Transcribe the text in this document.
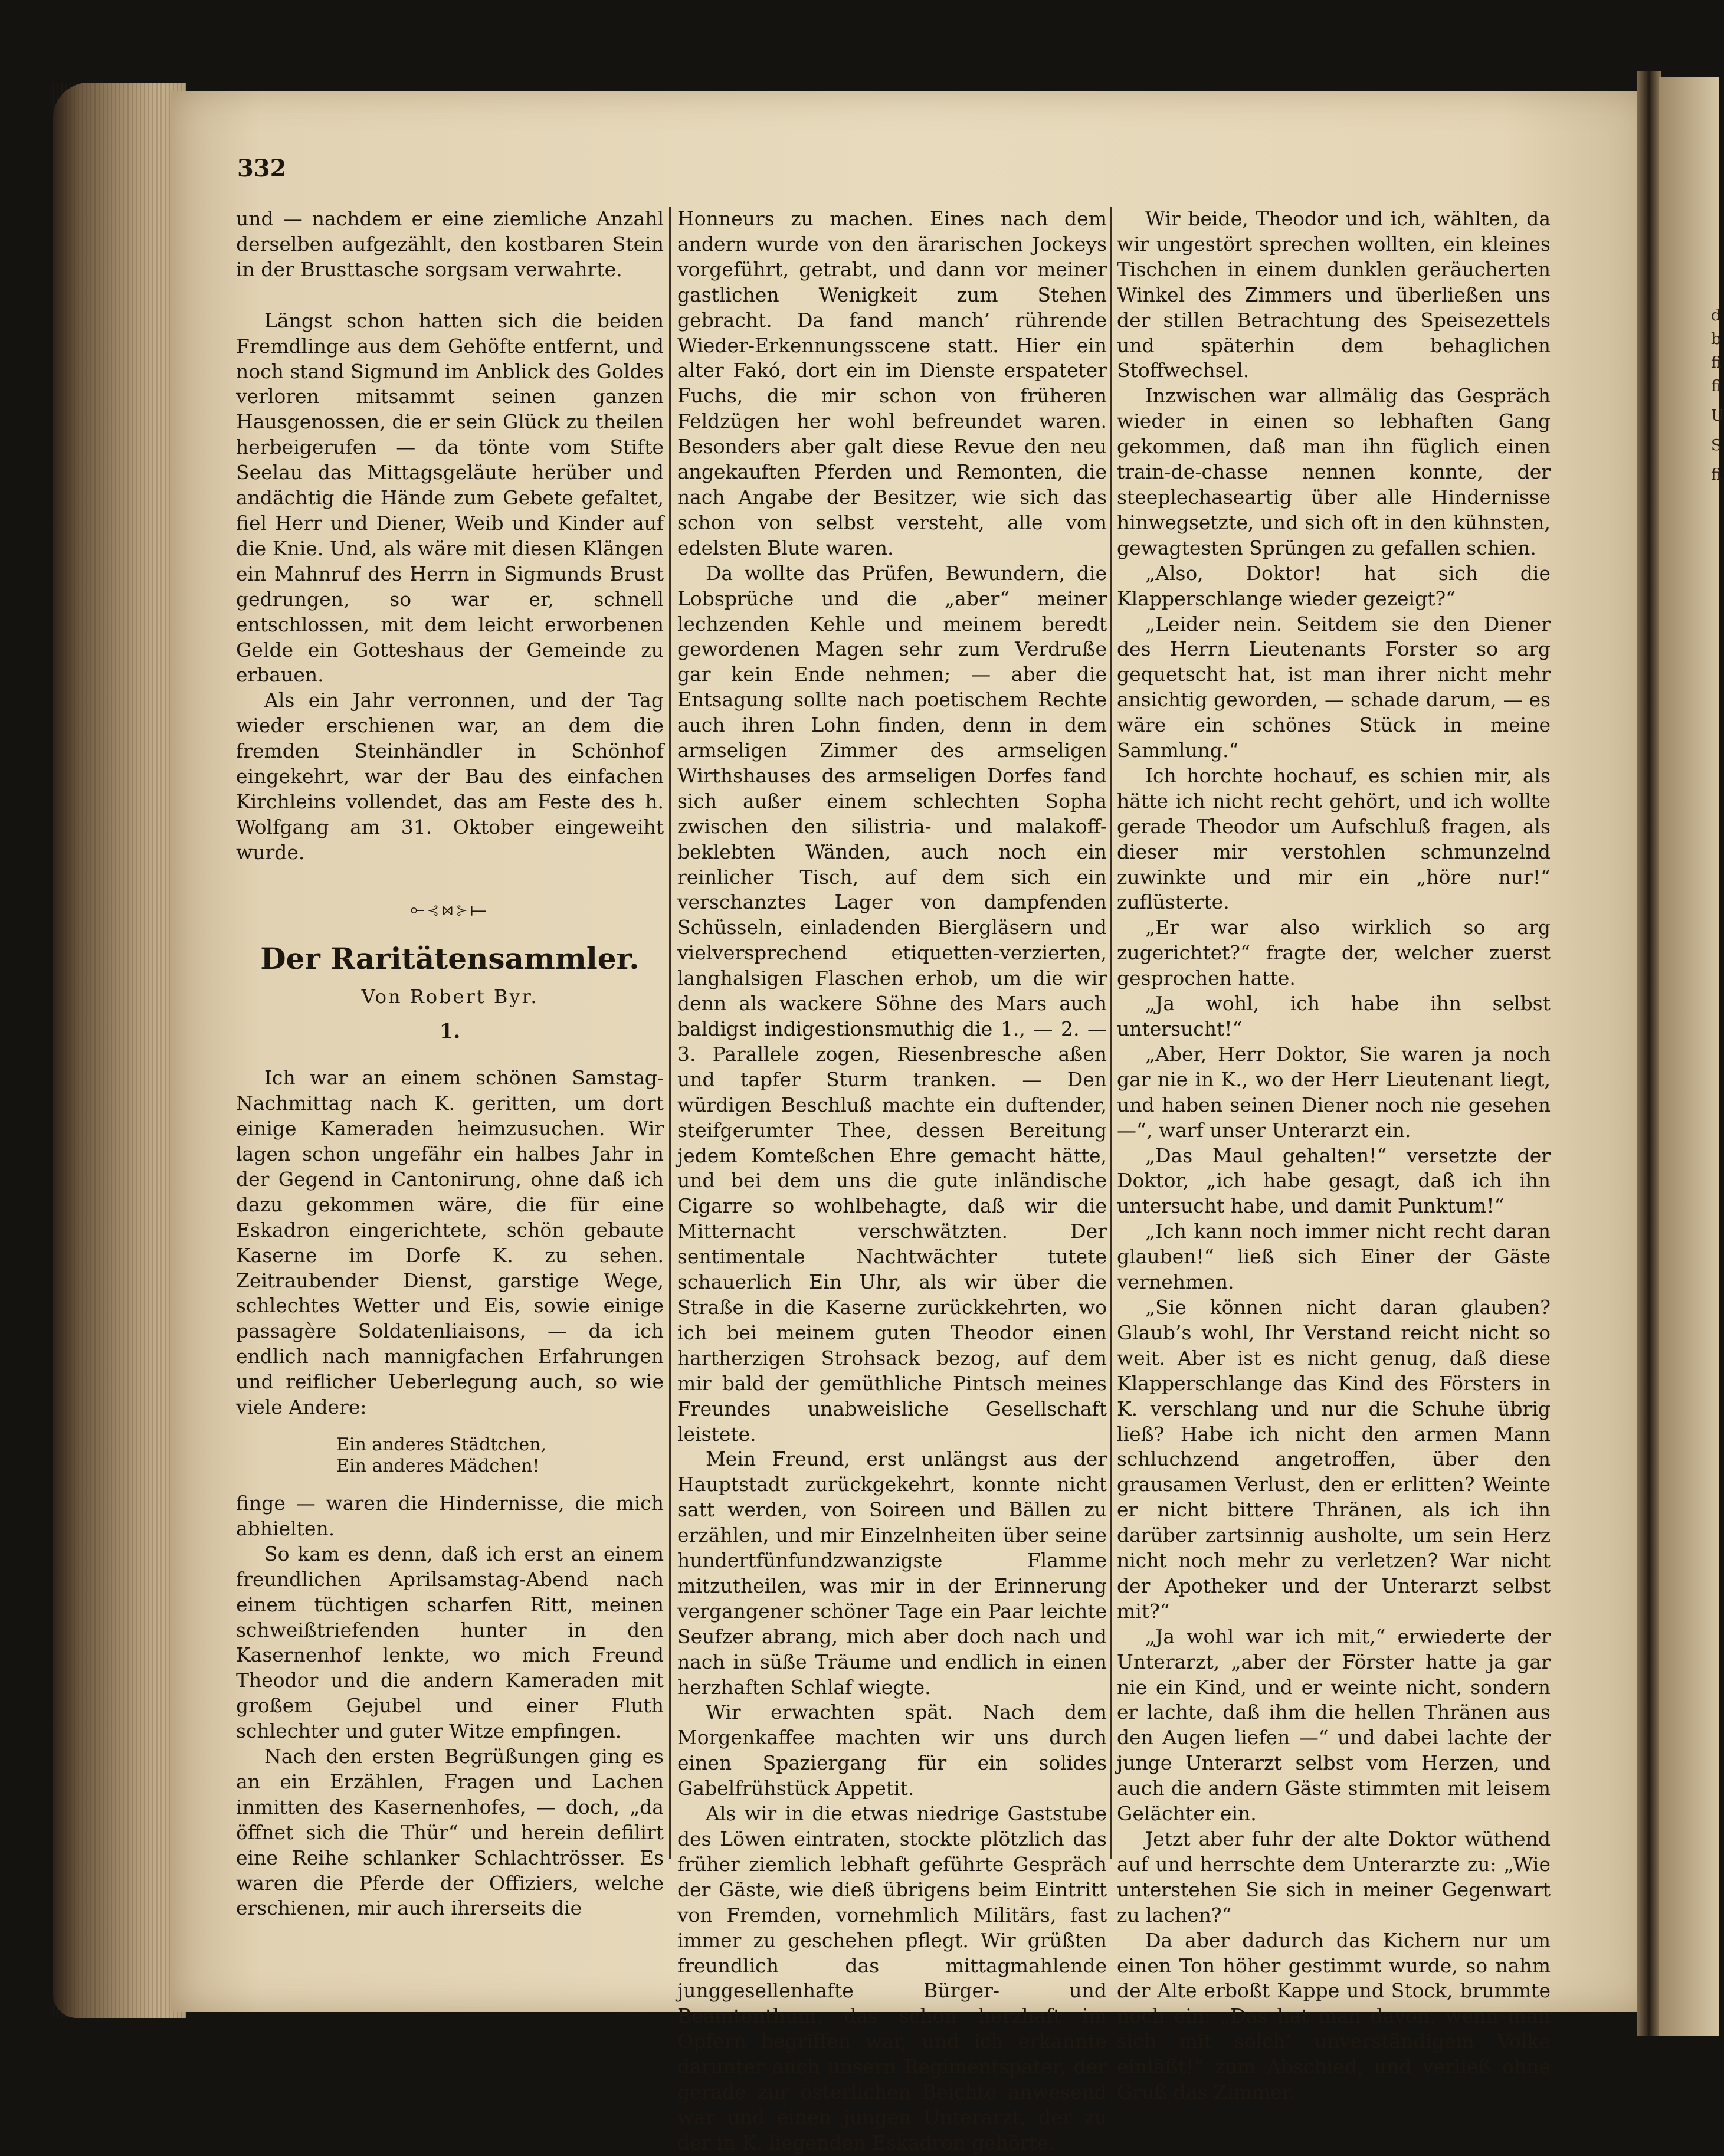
d
b
fi
fi
U
S
fi
332

und — nachdem er eine ziemliche Anzahl derselben aufgezählt, den kostbaren Stein in der Brusttasche sorgsam verwahrte.

Längst schon hatten sich die beiden Fremdlinge aus dem Gehöfte entfernt, und noch stand Sigmund im Anblick des Goldes verloren mitsammt seinen ganzen Hausgenossen, die er sein Glück zu theilen herbeigerufen — da tönte vom Stifte Seelau das Mittagsgeläute herüber und andächtig die Hände zum Gebete gefaltet, fiel Herr und Diener, Weib und Kinder auf die Knie. Und, als wäre mit diesen Klängen ein Mahnruf des Herrn in Sigmunds Brust gedrungen, so war er, schnell entschlossen, mit dem leicht erworbenen Gelde ein Gotteshaus der Gemeinde zu erbauen.

Als ein Jahr verronnen, und der Tag wieder erschienen war, an dem die fremden Steinhändler in Schönhof eingekehrt, war der Bau des einfachen Kirchleins vollendet, das am Feste des h. Wolfgang am 31. Oktober eingeweiht wurde.

⟜⊰⋈⊱⟝
Der Raritätensammler.
Von Robert Byr.
1.

Ich war an einem schönen Samstag-Nachmittag nach K. geritten, um dort einige Kameraden heimzusuchen. Wir lagen schon ungefähr ein halbes Jahr in der Gegend in Cantonirung, ohne daß ich dazu gekommen wäre, die für eine Eskadron eingerichtete, schön gebaute Kaserne im Dorfe K. zu sehen. Zeitraubender Dienst, garstige Wege, schlechtes Wetter und Eis, sowie einige passagère Soldatenliaisons, — da ich endlich nach mannigfachen Erfahrungen und reiflicher Ueberlegung auch, so wie viele Andere:

Ein anderes Städtchen,
Ein anderes Mädchen!

finge — waren die Hindernisse, die mich abhielten.

So kam es denn, daß ich erst an einem freundlichen Aprilsamstag-Abend nach einem tüchtigen scharfen Ritt, meinen schweißtriefenden hunter in den Kasernenhof lenkte, wo mich Freund Theodor und die andern Kameraden mit großem Gejubel und einer Fluth schlechter und guter Witze empfingen.

Nach den ersten Begrüßungen ging es an ein Erzählen, Fragen und Lachen inmitten des Kasernenhofes, — doch, „da öffnet sich die Thür“ und herein defilirt eine Reihe schlanker Schlachtrösser. Es waren die Pferde der Offiziers, welche erschienen, mir auch ihrerseits die

Honneurs zu machen. Eines nach dem andern wurde von den ärarischen Jockeys vorgeführt, getrabt, und dann vor meiner gastlichen Wenigkeit zum Stehen gebracht. Da fand manch’ rührende Wieder-Erkennungsscene statt. Hier ein alter Fakó, dort ein im Dienste erspateter Fuchs, die mir schon von früheren Feldzügen her wohl befreundet waren. Besonders aber galt diese Revue den neu angekauften Pferden und Remonten, die nach Angabe der Besitzer, wie sich das schon von selbst versteht, alle vom edelsten Blute waren.

Da wollte das Prüfen, Bewundern, die Lobsprüche und die „aber“ meiner lechzenden Kehle und meinem beredt gewordenen Magen sehr zum Verdruße gar kein Ende nehmen; — aber die Entsagung sollte nach poetischem Rechte auch ihren Lohn finden, denn in dem armseligen Zimmer des armseligen Wirthshauses des armseligen Dorfes fand sich außer einem schlechten Sopha zwischen den silistria- und malakoff-beklebten Wänden, auch noch ein reinlicher Tisch, auf dem sich ein verschanztes Lager von dampfenden Schüsseln, einladenden Biergläsern und vielversprechend etiquetten-verzierten, langhalsigen Flaschen erhob, um die wir denn als wackere Söhne des Mars auch baldigst indigestionsmuthig die 1., — 2. — 3. Parallele zogen, Riesenbresche aßen und tapfer Sturm tranken. — Den würdigen Beschluß machte ein duftender, steifgerumter Thee, dessen Bereitung jedem Komteßchen Ehre gemacht hätte, und bei dem uns die gute inländische Cigarre so wohlbehagte, daß wir die Mitternacht verschwätzten. Der sentimentale Nachtwächter tutete schauerlich Ein Uhr, als wir über die Straße in die Kaserne zurückkehrten, wo ich bei meinem guten Theodor einen hartherzigen Strohsack bezog, auf dem mir bald der gemüthliche Pintsch meines Freundes unabweisliche Gesellschaft leistete.

Mein Freund, erst unlängst aus der Hauptstadt zurückgekehrt, konnte nicht satt werden, von Soireen und Bällen zu erzählen, und mir Einzelnheiten über seine hundertfünfundzwanzigste Flamme mitzutheilen, was mir in der Erinnerung vergangener schöner Tage ein Paar leichte Seufzer abrang, mich aber doch nach und nach in süße Träume und endlich in einen herzhaften Schlaf wiegte.

Wir erwachten spät. Nach dem Morgenkaffee machten wir uns durch einen Spaziergang für ein solides Gabelfrühstück Appetit.

Als wir in die etwas niedrige Gaststube des Löwen eintraten, stockte plötzlich das früher ziemlich lebhaft geführte Gespräch der Gäste, wie dieß übrigens beim Eintritt von Fremden, vornehmlich Militärs, fast immer zu geschehen pflegt. Wir grüßten freundlich das mittagmahlende junggesellenhafte Bürger- und Beamtenthum, das schon herzhaft im Opfern begriffen war, und ich erkannte darunter auch unsern Regimentspater, der gerade zur österlichen Beichte anwesend war und einen jungen Unterarzt, der zu der in K. liegenden Eskadron gehörte.

Wir beide, Theodor und ich, wählten, da wir ungestört sprechen wollten, ein kleines Tischchen in einem dunklen geräucherten Winkel des Zimmers und überließen uns der stillen Betrachtung des Speisezettels und späterhin dem behaglichen Stoffwechsel.

Inzwischen war allmälig das Gespräch wieder in einen so lebhaften Gang gekommen, daß man ihn füglich einen train-de-chasse nennen konnte, der steeplechaseartig über alle Hindernisse hinwegsetzte, und sich oft in den kühnsten, gewagtesten Sprüngen zu gefallen schien.

„Also, Doktor! hat sich die Klapperschlange wieder gezeigt?“

„Leider nein. Seitdem sie den Diener des Herrn Lieutenants Forster so arg gequetscht hat, ist man ihrer nicht mehr ansichtig geworden, — schade darum, — es wäre ein schönes Stück in meine Sammlung.“

Ich horchte hochauf, es schien mir, als hätte ich nicht recht gehört, und ich wollte gerade Theodor um Aufschluß fragen, als dieser mir verstohlen schmunzelnd zuwinkte und mir ein „höre nur!“ zuflüsterte.

„Er war also wirklich so arg zugerichtet?“ fragte der, welcher zuerst gesprochen hatte.

„Ja wohl, ich habe ihn selbst untersucht!“

„Aber, Herr Doktor, Sie waren ja noch gar nie in K., wo der Herr Lieutenant liegt, und haben seinen Diener noch nie gesehen —“, warf unser Unterarzt ein.

„Das Maul gehalten!“ versetzte der Doktor, „ich habe gesagt, daß ich ihn untersucht habe, und damit Punktum!“

„Ich kann noch immer nicht recht daran glauben!“ ließ sich Einer der Gäste vernehmen.

„Sie können nicht daran glauben? Glaub’s wohl, Ihr Verstand reicht nicht so weit. Aber ist es nicht genug, daß diese Klapperschlange das Kind des Försters in K. verschlang und nur die Schuhe übrig ließ? Habe ich nicht den armen Mann schluchzend angetroffen, über den grausamen Verlust, den er erlitten? Weinte er nicht bittere Thränen, als ich ihn darüber zartsinnig ausholte, um sein Herz nicht noch mehr zu verletzen? War nicht der Apotheker und der Unterarzt selbst mit?“

„Ja wohl war ich mit,“ erwiederte der Unterarzt, „aber der Förster hatte ja gar nie ein Kind, und er weinte nicht, sondern er lachte, daß ihm die hellen Thränen aus den Augen liefen —“ und dabei lachte der junge Unterarzt selbst vom Herzen, und auch die andern Gäste stimmten mit leisem Gelächter ein.

Jetzt aber fuhr der alte Doktor wüthend auf und herrschte dem Unterarzte zu: „Wie unterstehen Sie sich in meiner Gegenwart zu lachen?“

Da aber dadurch das Kichern nur um einen Ton höher gestimmt wurde, so nahm der Alte erboßt Kappe und Stock, brummte noch ein: „Das hat man davon, wenn man sich mit solch’ unverständigem Volke einläßt!“ zum Abschied, und verließ ohne Gruß das Zimmer.
